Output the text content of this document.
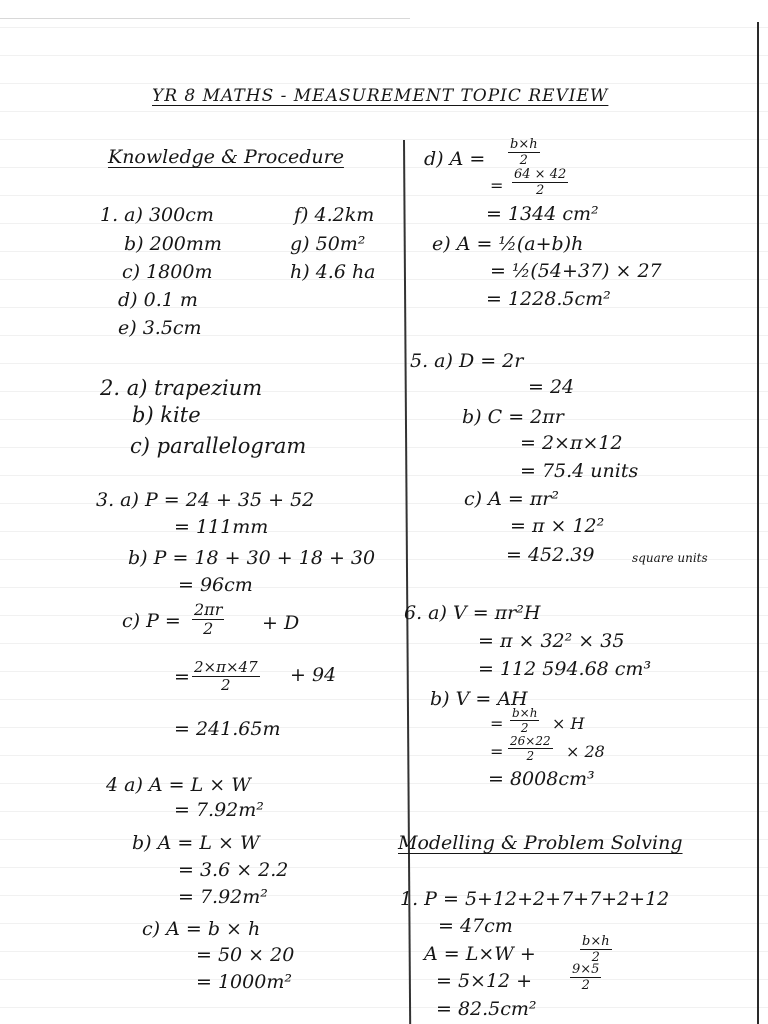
YR 8 MATHS - MEASUREMENT TOPIC REVIEW
Knowledge & Procedure
1. a) 300cm
b) 200mm
c) 1800m
d) 0.1 m
e) 3.5cm
f) 4.2km
g) 50m²
h) 4.6 ha
2. a) trapezium
b) kite
c) parallelogram
3. a) P = 24 + 35 + 52
= 111mm
b) P = 18 + 30 + 18 + 30
= 96cm
c) $P = \frac{2\pi r}{2} + D$
= $\frac{2\times\pi\times 47}{2} + 94$
= 241.65m
4 a) A = L × W
= 7.92m²
b) A = L × W
= 3.6 × 2.2
= 7.92m²
c) A = b × h
= 50 × 20
= 1000m²
d) $A = \frac{b\times h}{2}$
= $\frac{64 \times 42}{2}$
= 1344 cm²
e) A = ½(a+b)h
= ½(54+37) × 27
= 1228.5cm²
5. a) D = 2r
= 24
b) C = 2πr
= 2×π×12
= 75.4 units
c) A = πr²
= π × 12²
= 452.39	square units
6. a) V = πr²H
= π × 32² × 35
= 112 594.68 cm³
b) V = AH
= $\frac{b\times h}{2} \times H$
= $\frac{26\times 22}{2} \times 28$
= 8008cm³
Modelling & Problem Solving
1. P = 5+12+2+7+7+2+12
= 47cm
A = L×W +	$\frac{b\times h}{2}$
= 5×12 +	$\frac{9\times 5}{2}$
= 82.5cm²
